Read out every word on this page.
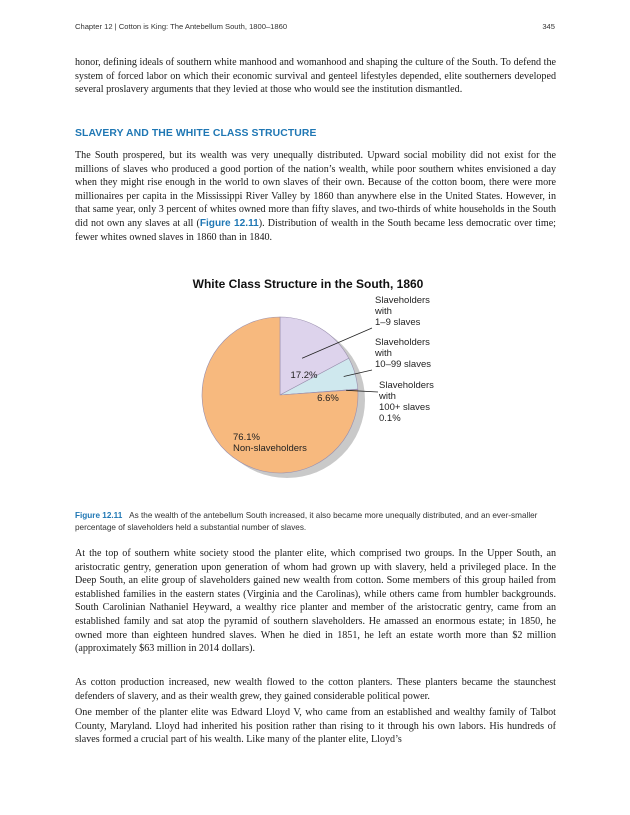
Chapter 12 | Cotton is King: The Antebellum South, 1800–1860	345

honor, defining ideals of southern white manhood and womanhood and shaping the culture of the South. To defend the system of forced labor on which their economic survival and genteel lifestyles depended, elite southerners developed several proslavery arguments that they levied at those who would see the institution dismantled.

SLAVERY AND THE WHITE CLASS STRUCTURE

The South prospered, but its wealth was very unequally distributed. Upward social mobility did not exist for the millions of slaves who produced a good portion of the nation’s wealth, while poor southern whites envisioned a day when they might rise enough in the world to own slaves of their own. Because of the cotton boom, there were more millionaires per capita in the Mississippi River Valley by 1860 than anywhere else in the United States. However, in that same year, only 3 percent of whites owned more than fifty slaves, and two-thirds of white households in the South did not own any slaves at all (Figure 12.11). Distribution of wealth in the South became less democratic over time; fewer whites owned slaves in 1860 than in 1840.

White Class Structure in the South, 1860
17.2%
6.6%
76.1%
Non-slaveholders
Slaveholders
with
1–9 slaves
Slaveholders
with
10–99 slaves
Slaveholders
with
100+ slaves
0.1%

Figure 12.11 As the wealth of the antebellum South increased, it also became more unequally distributed, and an ever-smaller percentage of slaveholders held a substantial number of slaves.

At the top of southern white society stood the planter elite, which comprised two groups. In the Upper South, an aristocratic gentry, generation upon generation of whom had grown up with slavery, held a privileged place. In the Deep South, an elite group of slaveholders gained new wealth from cotton. Some members of this group hailed from established families in the eastern states (Virginia and the Carolinas), while others came from humbler backgrounds. South Carolinian Nathaniel Heyward, a wealthy rice planter and member of the aristocratic gentry, came from an established family and sat atop the pyramid of southern slaveholders. He amassed an enormous estate; in 1850, he owned more than eighteen hundred slaves. When he died in 1851, he left an estate worth more than $2 million (approximately $63 million in 2014 dollars).

As cotton production increased, new wealth flowed to the cotton planters. These planters became the staunchest defenders of slavery, and as their wealth grew, they gained considerable political power.

One member of the planter elite was Edward Lloyd V, who came from an established and wealthy family of Talbot County, Maryland. Lloyd had inherited his position rather than rising to it through his own labors. His hundreds of slaves formed a crucial part of his wealth. Like many of the planter elite, Lloyd’s
